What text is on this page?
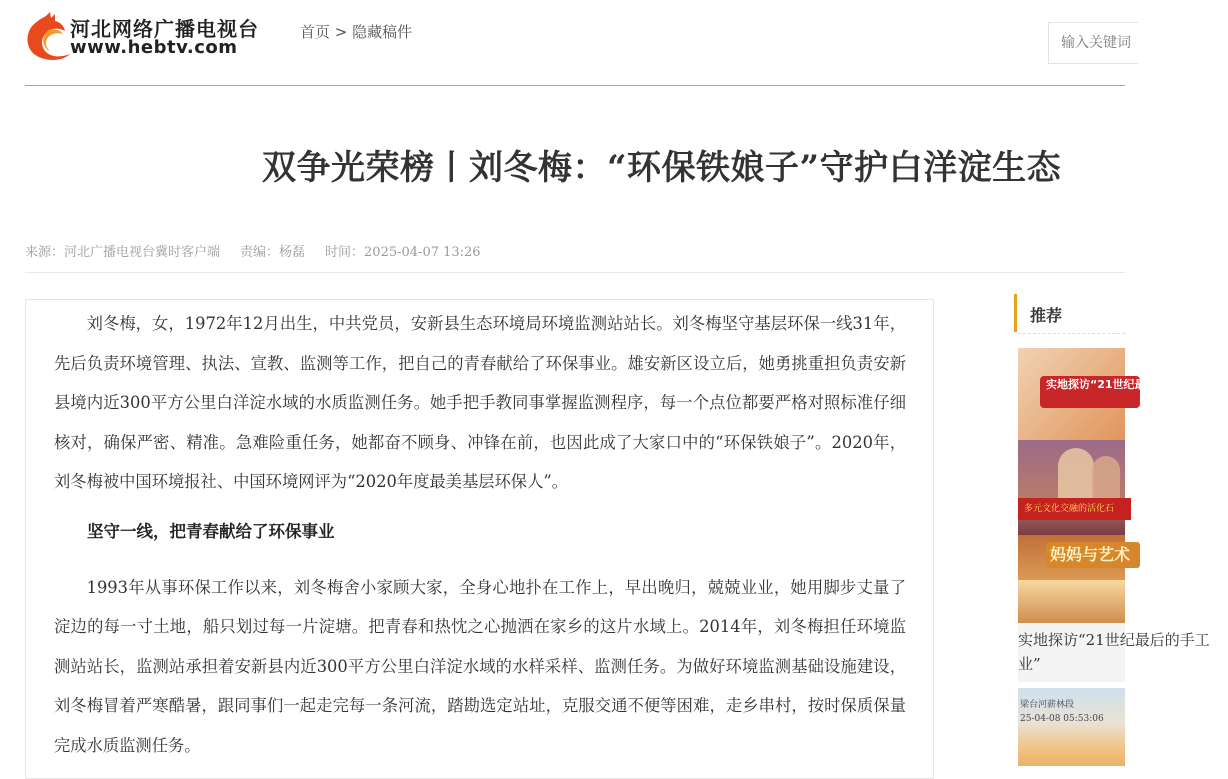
河北网络广播电视台
www.hebtv.com
首页 > 隐藏稿件
输入关键词
双争光荣榜丨刘冬梅：“环保铁娘子”守护白洋淀生态
来源：河北广播电视台冀时客户端 责编：杨磊 时间：2025-04-07 13:26

刘冬梅，女，1972年12月出生，中共党员，安新县生态环境局环境监测站站长。刘冬梅坚守基层环保一线31年，先后负责环境管理、执法、宣教、监测等工作，把自己的青春献给了环保事业。雄安新区设立后，她勇挑重担负责安新县境内近300平方公里白洋淀水域的水质监测任务。她手把手教同事掌握监测程序，每一个点位都要严格对照标准仔细核对，确保严密、精准。急难险重任务，她都奋不顾身、冲锋在前，也因此成了大家口中的“环保铁娘子”。2020年，刘冬梅被中国环境报社、中国环境网评为“2020年度最美基层环保人”。

坚守一线，把青春献给了环保事业

1993年从事环保工作以来，刘冬梅舍小家顾大家，全身心地扑在工作上，早出晚归，兢兢业业，她用脚步丈量了淀边的每一寸土地，船只划过每一片淀塘。把青春和热忱之心抛洒在家乡的这片水域上。2014年，刘冬梅担任环境监测站站长，监测站承担着安新县内近300平方公里白洋淀水域的水样采样、监测任务。为做好环境监测基础设施建设，刘冬梅冒着严寒酷暑，跟同事们一起走完每一条河流，踏勘选定站址，克服交通不便等困难，走乡串村，按时保质保量完成水质监测任务。

推荐
实地探访“21世纪最后的手工业”
多元文化交融的活化石
妈妈与艺术
实地探访“21世纪最后的手工业”
梁台河薪林段
25-04-08 05:53:06
